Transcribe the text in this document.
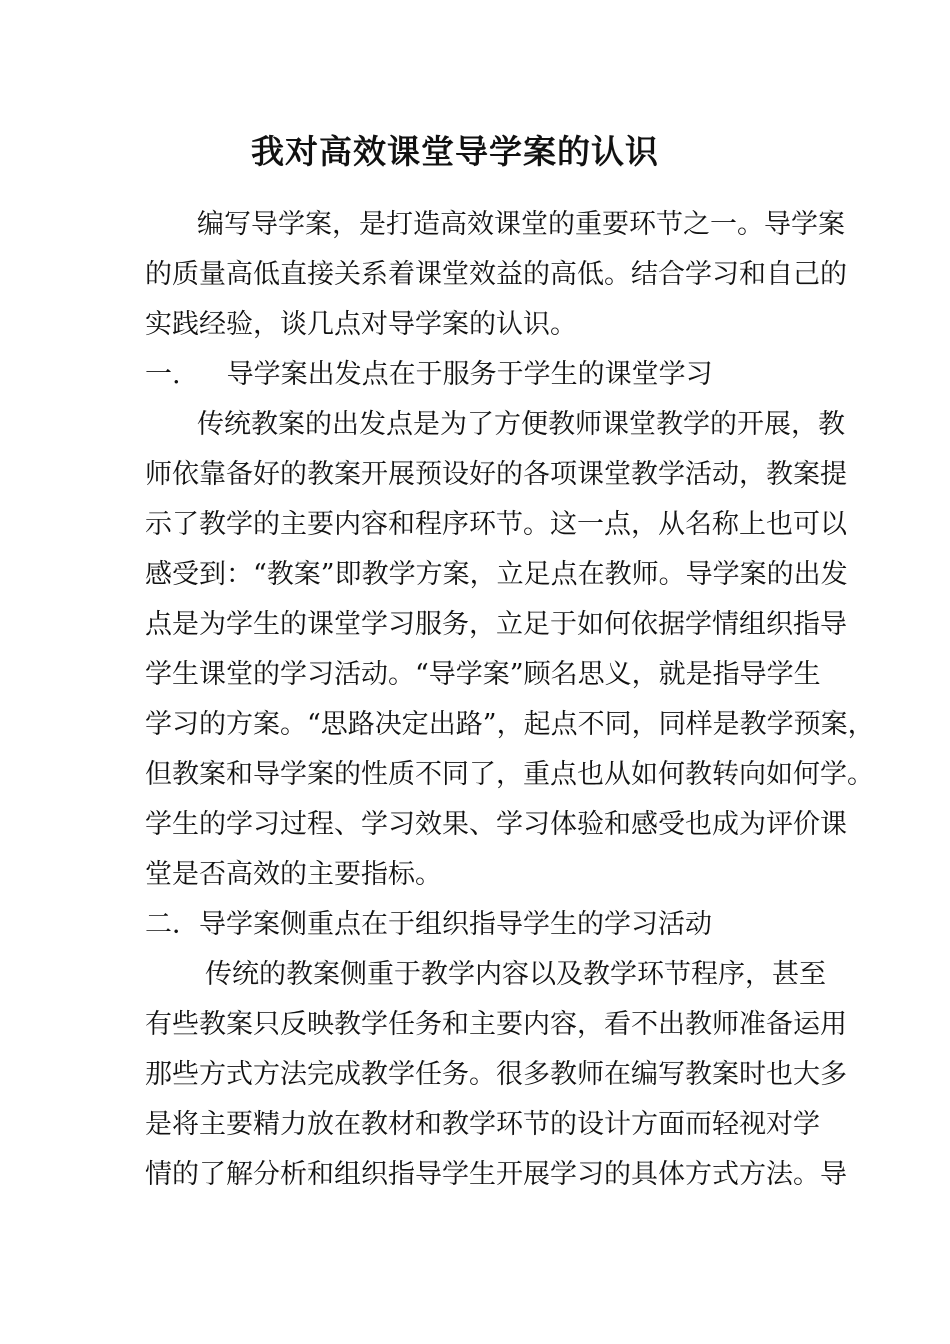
我对高效课堂导学案的认识
编写导学案，是打造高效课堂的重要环节之一。导学案
的质量高低直接关系着课堂效益的高低。结合学习和自己的
实践经验，谈几点对导学案的认识。
一. 导学案出发点在于服务于学生的课堂学习
传统教案的出发点是为了方便教师课堂教学的开展，教
师依靠备好的教案开展预设好的各项课堂教学活动，教案提
示了教学的主要内容和程序环节。这一点，从名称上也可以
感受到：“教案”即教学方案，立足点在教师。导学案的出发
点是为学生的课堂学习服务，立足于如何依据学情组织指导
学生课堂的学习活动。“导学案”顾名思义，就是指导学生
学习的方案。“思路决定出路”，起点不同，同样是教学预案，
但教案和导学案的性质不同了，重点也从如何教转向如何学。
学生的学习过程、学习效果、学习体验和感受也成为评价课
堂是否高效的主要指标。
二．导学案侧重点在于组织指导学生的学习活动
传统的教案侧重于教学内容以及教学环节程序，甚至
有些教案只反映教学任务和主要内容，看不出教师准备运用
那些方式方法完成教学任务。很多教师在编写教案时也大多
是将主要精力放在教材和教学环节的设计方面而轻视对学
情的了解分析和组织指导学生开展学习的具体方式方法。导
